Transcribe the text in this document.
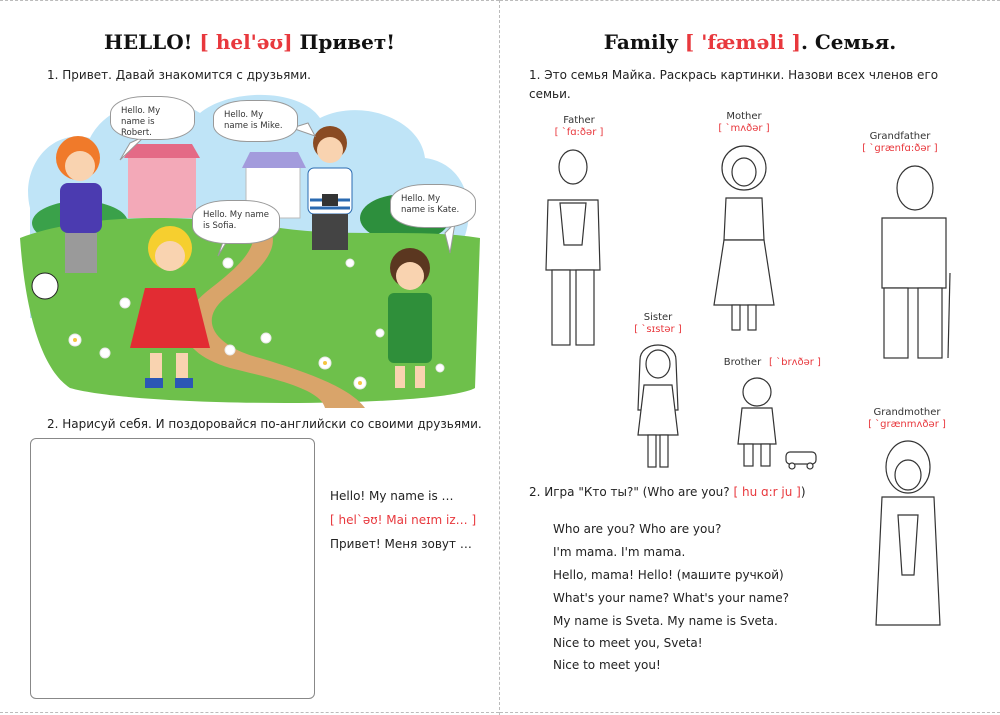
HELLO! [ hel'əʊ] Привет!
1. Привет. Давай знакомится с друзьями.
Hello. My name is Robert.
Hello. My name is Mike.
Hello. My name is Sofia.
Hello. My name is Kate.
2. Нарисуй себя. И поздоровайся по-английски со своими друзьями.
Hello! My name is …
[ hel`əʊ! Mai neɪm iz… ]
Привет! Меня зовут …
Family [ 'fæməli ]. Семья.
1. Это семья Майка. Раскрась картинки. Назови всех членов его
семьи.
Father
[ `fɑ:ðər ]
Mother
[ `mʌðər ]
Grandfather
[ `grænfɑ:ðər ]
Sister
[ `sɪstər ]
Brother [ `brʌðər ]
Grandmother
[ `grænmʌðər ]
2. Игра "Кто ты?" (Who are you? [ hu ɑ:r ju ])
Who are you? Who are you?
I'm mama. I'm mama.
Hello, mama! Hello! (машите ручкой)
What's your name? What's your name?
My name is Sveta. My name is Sveta.
Nice to meet you, Sveta!
Nice to meet you!
